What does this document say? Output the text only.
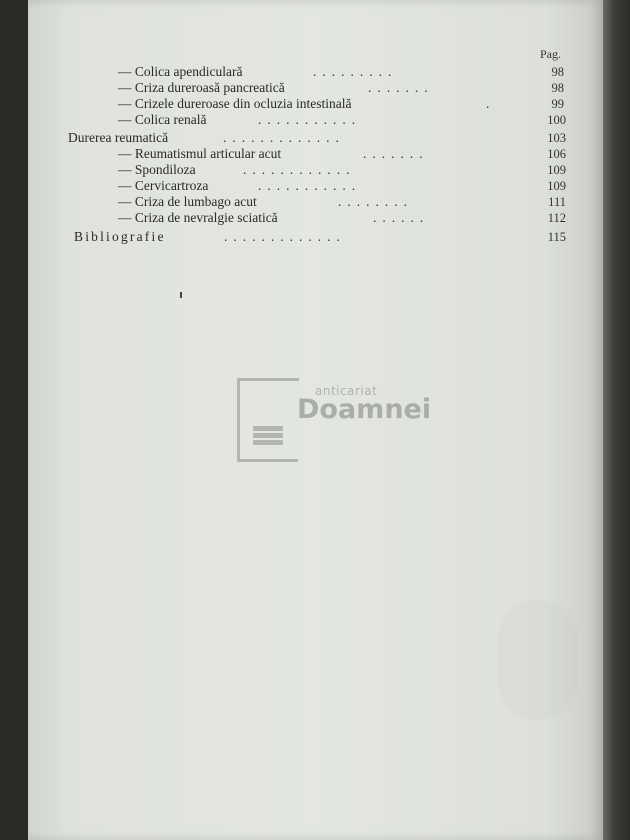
Pag.
— Colica apendiculară	.........	98
— Criza dureroasă pancreatică	.......	98
— Crizele dureroase din ocluzia intestinală	.	99
— Colica renală	...........	100
Durerea reumatică	.............	103
— Reumatismul articular acut	.......	106
— Spondiloza	............	109
— Cervicartroza	...........	109
— Criza de lumbago acut	........	111
— Criza de nevralgie sciatică	......	112
Bibliografie	.............	115
anticariat
Doamnei
